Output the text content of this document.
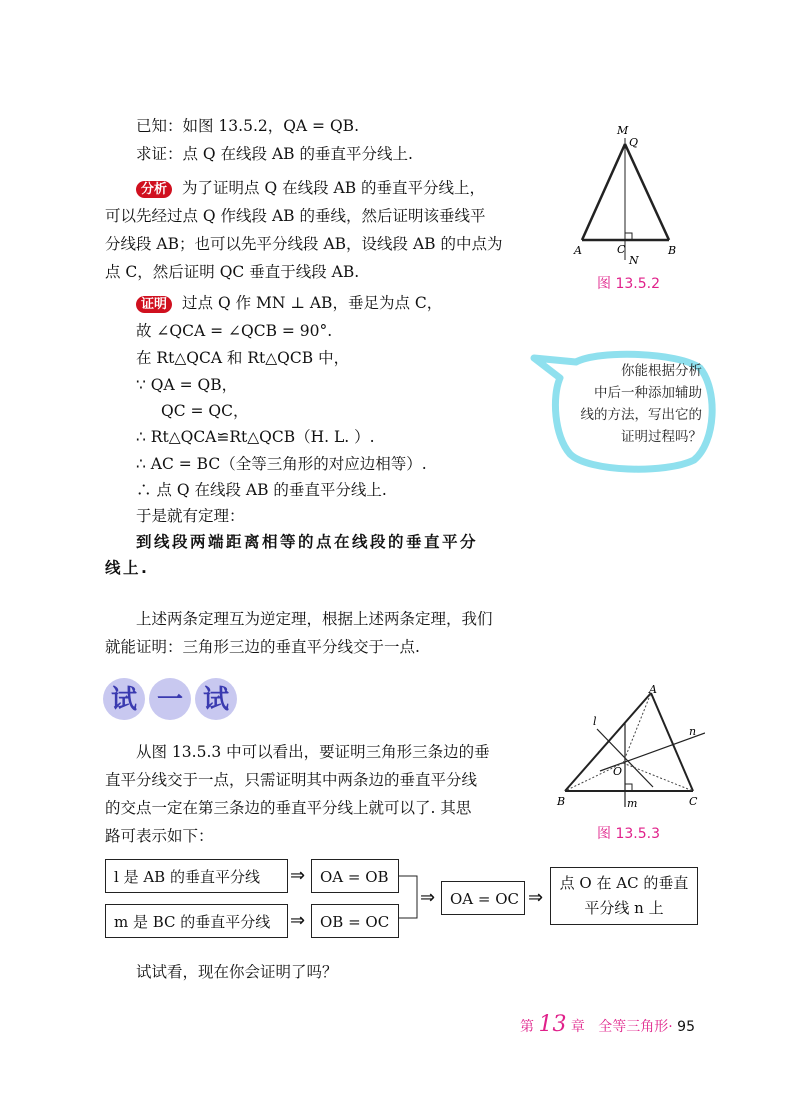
已知：如图 13.5.2，QA = QB.
求证：点 Q 在线段 AB 的垂直平分线上.
分析 为了证明点 Q 在线段 AB 的垂直平分线上，
可以先经过点 Q 作线段 AB 的垂线，然后证明该垂线平
分线段 AB；也可以先平分线段 AB，设线段 AB 的中点为
点 C，然后证明 QC 垂直于线段 AB.
证明 过点 Q 作 MN ⊥ AB，垂足为点 C，
故 ∠QCA = ∠QCB = 90°.
在 Rt△QCA 和 Rt△QCB 中，
∵ QA = QB，
QC = QC，
∴ Rt△QCA≌Rt△QCB（H. L. ）.
∴ AC = BC（全等三角形的对应边相等）.
∴ 点 Q 在线段 AB 的垂直平分线上.
于是就有定理：
到线段两端距离相等的点在线段的垂直平分
线上.
上述两条定理互为逆定理，根据上述两条定理，我们
就能证明：三角形三边的垂直平分线交于一点.
试 一 试
从图 13.5.3 中可以看出，要证明三角形三条边的垂
直平分线交于一点，只需证明其中两条边的垂直平分线
的交点一定在第三条边的垂直平分线上就可以了. 其思
路可表示如下：
l 是 AB 的垂直平分线	⇒ OA = OB
m 是 BC 的垂直平分线	⇒ OB = OC
⇒ OA = OC ⇒
点 O 在 AC 的垂直
平分线 n 上
试试看，现在你会证明了吗？
M
Q
A	C	B
N
图 13.5.2
你能根据分析
中后一种添加辅助
线的方法，写出它的
证明过程吗？
A
B	C
l
n
m
O
图 13.5.3
第 13 章 全等三角形· 95
